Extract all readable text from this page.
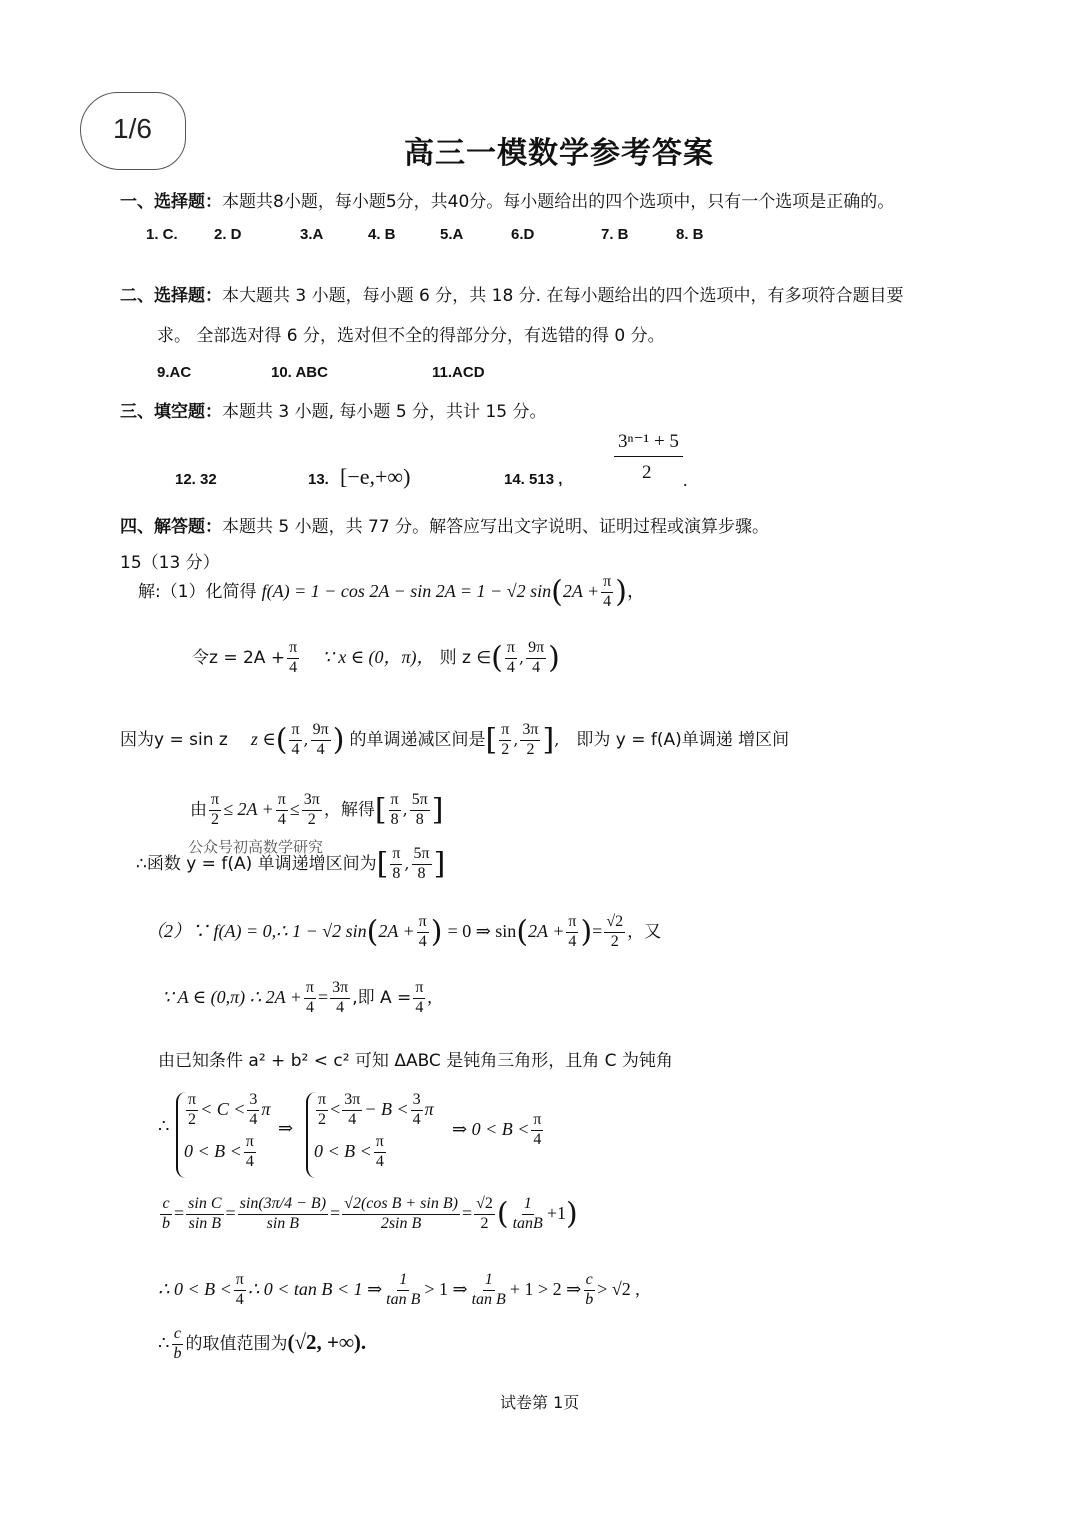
1/6
高三一模数学参考答案
一、选择题：本题共8小题，每小题5分，共40分。每小题给出的四个选项中，只有一个选项是正确的。
1. C. 2. D	3.A	4. B	5.A	6.D	7. B	8. B
二、选择题：本大题共 3 小题，每小题 6 分，共 18 分. 在每小题给出的四个选项中，有多项符合题目要
求。 全部选对得 6 分，选对但不全的得部分分，有选错的得 0 分。
9.AC	10. ABC	11.ACD
三、填空题：本题共 3 小题, 每小题 5 分，共计 15 分。
12. 32	13. [−e,+∞)	14. 513 ,
3ⁿ⁻¹ + 5
2 .
四、解答题：本题共 5 小题，共 77 分。解答应写出文字说明、证明过程或演算步骤。
15（13 分）
解:（1）化简得 f(A) = 1 − cos 2A − sin 2A = 1 − √2 $\sin(2A + \frac{\pi}{4}$ )，
令$z = 2A + \frac{\pi}{4}$ ∵ x ∈ (0，π)， 则 z ∈( $\frac{\pi}{4}$ , $\frac{9\pi}{4}$ )
因为y = sin z z ∈( $\frac{\pi}{4}$ , $\frac{9\pi}{4}$ ) 的单调递减区间是[ $\frac{\pi}{2}$ , $\frac{3\pi}{2}$ ], 即为 y = f(A)单调递 增区间
由 $\frac{\pi}{2} \le 2A + \frac{\pi}{4} \le \frac{3\pi}{2}$ ，解得[ $\frac{\pi}{8}$ , $\frac{5\pi}{8}$ ]
公众号初高数学研究
∴函数 y = f(A) 单调递增区间为[ $\frac{\pi}{8}$ , $\frac{5\pi}{8}$ ]
（2）∵ f(A) = 0,∴ 1 − √2 $\sin(2A + \frac{\pi}{4}$ ) = 0 ⇒ $\sin(2A + \frac{\pi}{4}$ )= $\frac{√2}{2}$ ，又
∵ A ∈ (0,π) ∴ $2A + \frac{\pi}{4} = \frac{3\pi}{4}$ ,即 $A = \frac{\pi}{4}$ ,
由已知条件 a² + b² < c² 可知 ΔABC 是钝角三角形，且角 C 为钝角
∴ $\frac{\pi}{2} < C < \frac{3}{4}$ π
$0 < B < \frac{\pi}{4}$
⇒ $\frac{\pi}{2} < \frac{3\pi}{4} - B < \frac{3}{4}$ π
$0 < B < \frac{\pi}{4}$
⇒ $0 < B < \frac{\pi}{4}$
$\frac{c}{b} = \frac{\text{sin C}}{\text{sin B}} = \frac{\sin(3\pi/4 - B)}{\text{sin B}} = \frac{\text{√2(cos B + sin B)}}{\text{2sin B}} = \frac{√2}{2}$ ( $\frac{1}{\tan B} +1$)
∴ $0 < B < \frac{\pi}{4}$ ∴ 0 < tan B < 1 ⇒ $\frac{1}{\text{tan B}} > 1$ ⇒ $\frac{1}{\text{tan B}} + 1 > 2$ ⇒ $\frac{c}{b} > √2$ ,
∴ $\frac{c}{b}$ 的取值范围为(√2, +∞).
试卷第 1页
